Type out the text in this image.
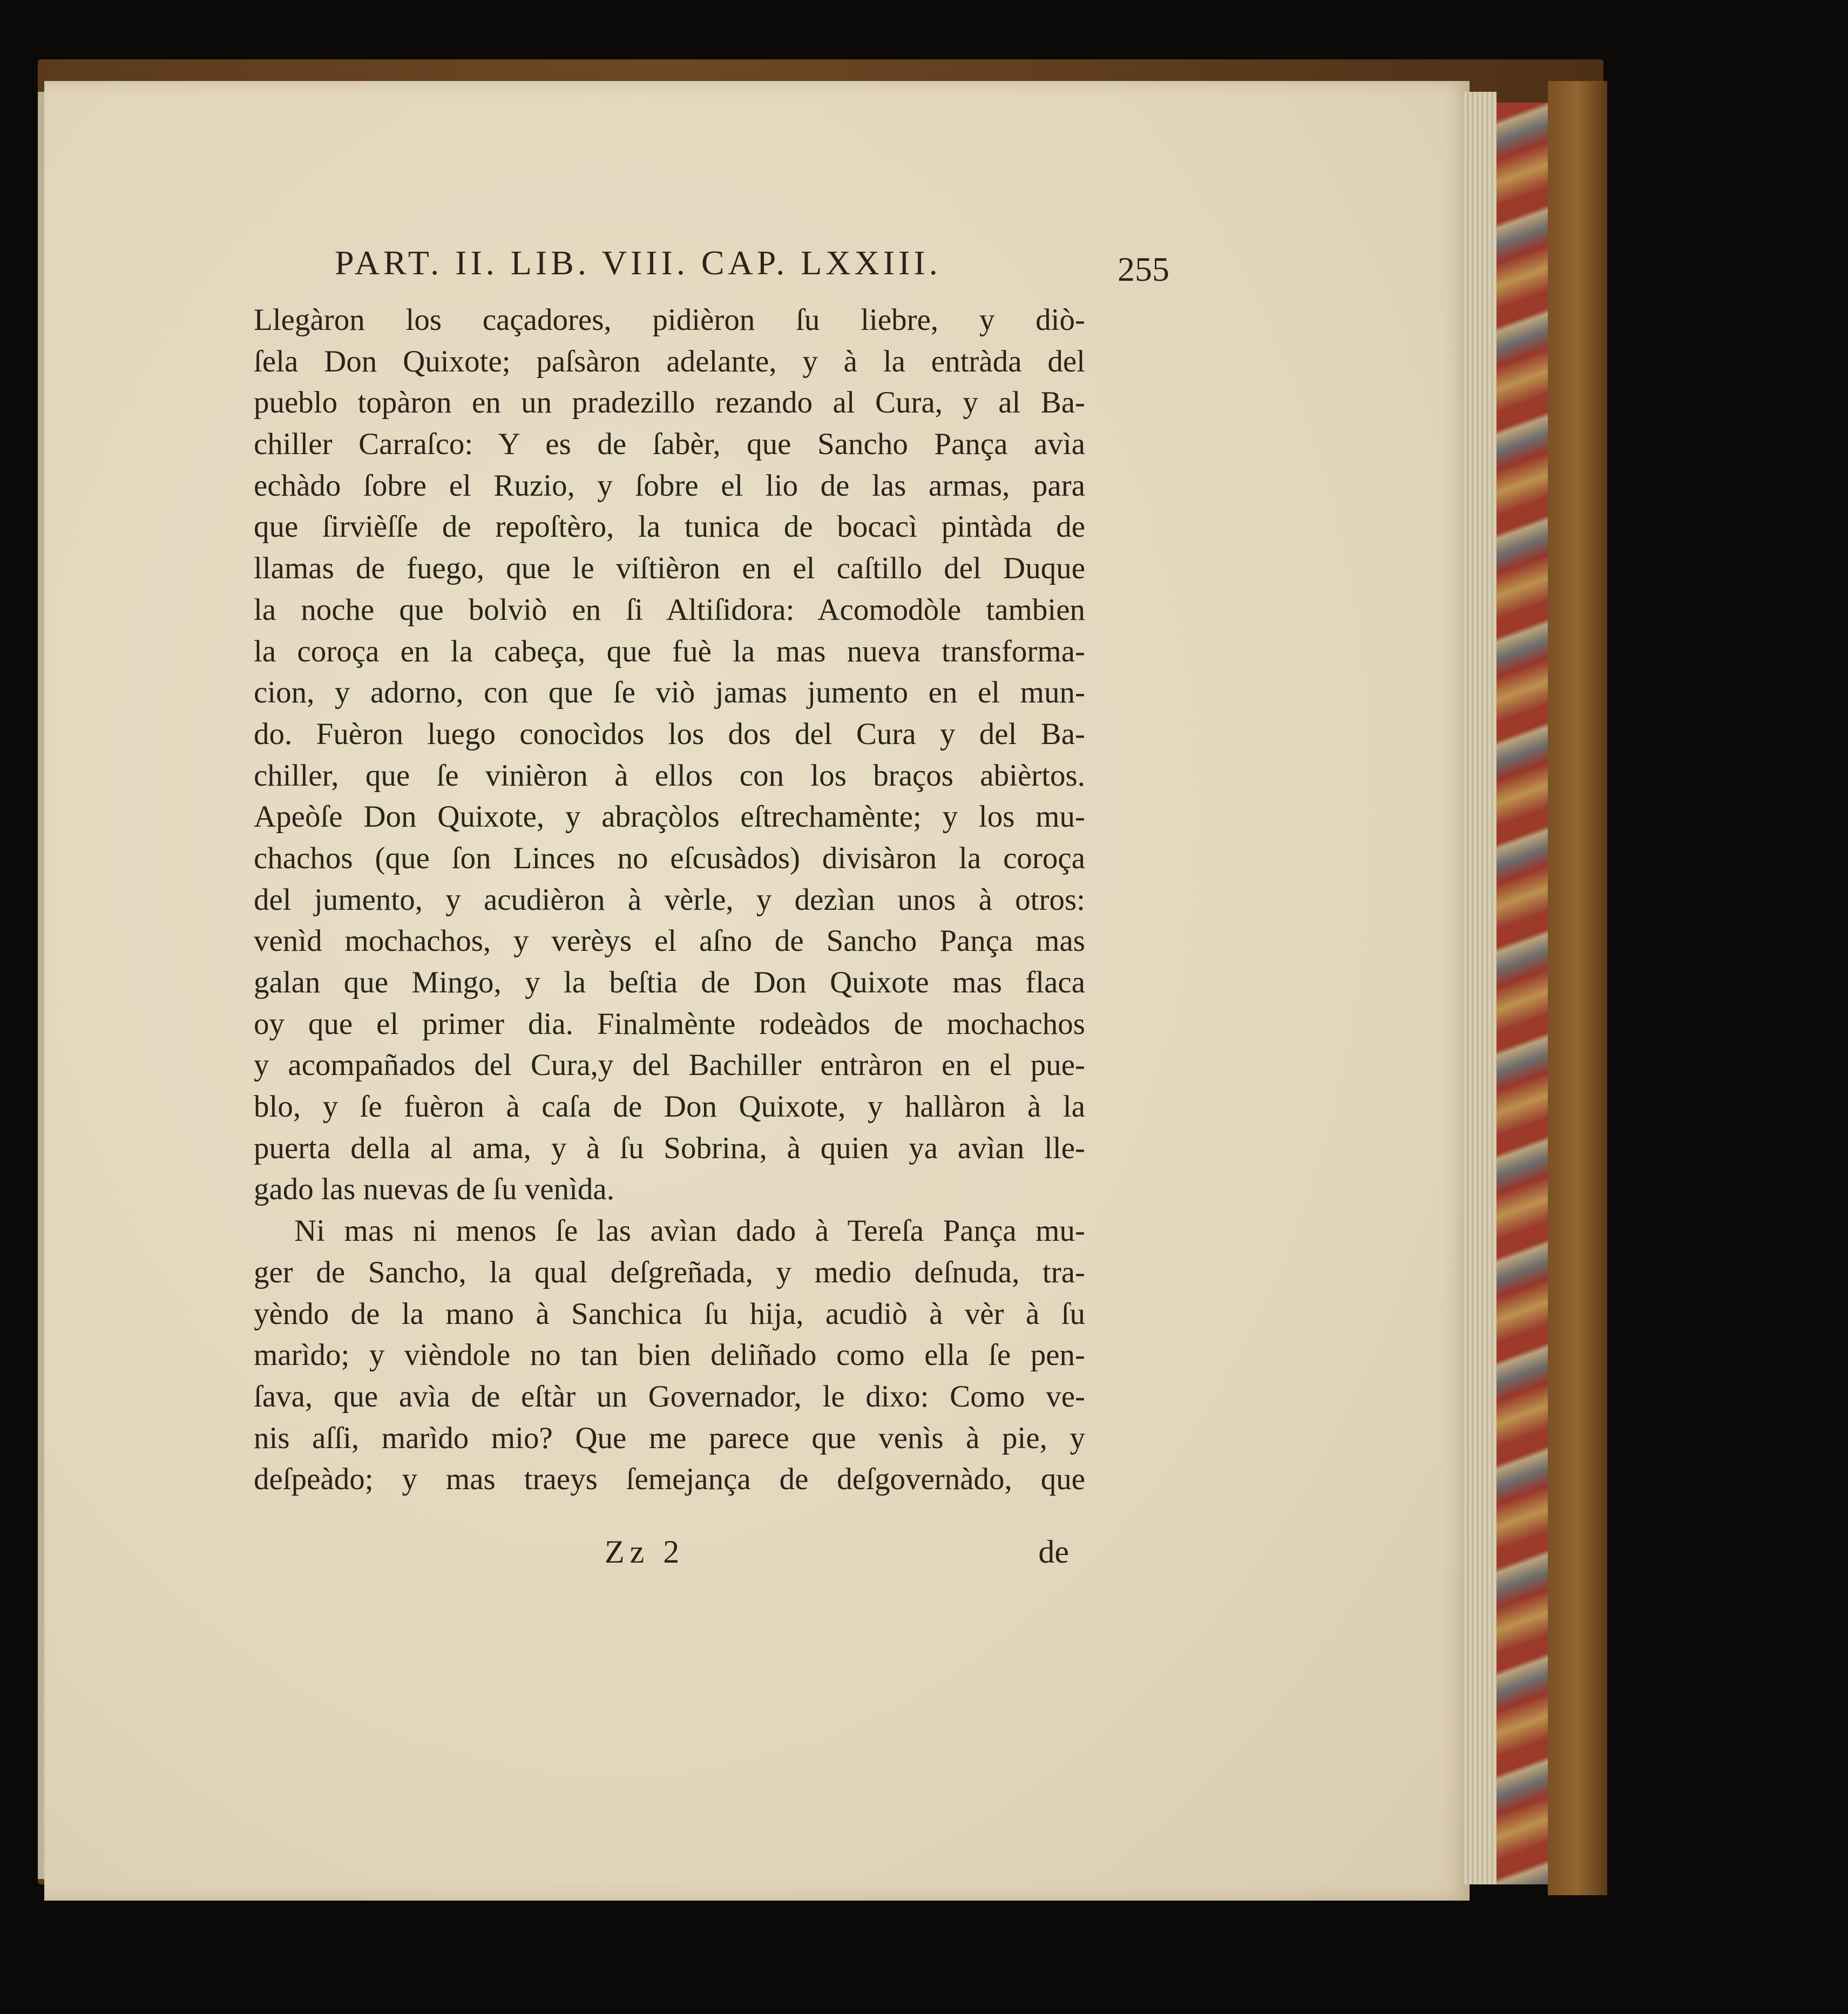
PART. II. LIB. VIII. CAP. LXXIII.	255
Llegàron los caçadores, pidièron ſu liebre, y diò-
ſela Don Quixote; paſsàron adelante, y à la entràda del
pueblo topàron en un pradezillo rezando al Cura, y al Ba-
chiller Carraſco: Y es de ſabèr, que Sancho Pança avìa
echàdo ſobre el Ruzio, y ſobre el lio de las armas, para
que ſirvièſſe de repoſtèro, la tunica de bocacì pintàda de
llamas de fuego, que le viſtièron en el caſtillo del Duque
la noche que bolviò en ſi Altiſidora: Acomodòle tambien
la coroça en la cabeça, que fuè la mas nueva transforma-
cion, y adorno, con que ſe viò jamas jumento en el mun-
do. Fuèron luego conocìdos los dos del Cura y del Ba-
chiller, que ſe vinièron à ellos con los braços abièrtos.
Apeòſe Don Quixote, y abraçòlos eſtrechamènte; y los mu-
chachos (que ſon Linces no eſcusàdos) divisàron la coroça
del jumento, y acudièron à vèrle, y dezìan unos à otros:
venìd mochachos, y verèys el aſno de Sancho Pança mas
galan que Mingo, y la beſtia de Don Quixote mas flaca
oy que el primer dia. Finalmènte rodeàdos de mochachos
y acompañados del Cura,y del Bachiller entràron en el pue-
blo, y ſe fuèron à caſa de Don Quixote, y hallàron à la
puerta della al ama, y à ſu Sobrina, à quien ya avìan lle-
gado las nuevas de ſu venìda.
Ni mas ni menos ſe las avìan dado à Tereſa Pança mu-
ger de Sancho, la qual deſgreñada, y medio deſnuda, tra-
yèndo de la mano à Sanchica ſu hija, acudiò à vèr à ſu
marìdo; y vièndole no tan bien deliñado como ella ſe pen-
ſava, que avìa de eſtàr un Governador, le dixo: Como ve-
nis aſſi, marìdo mio? Que me parece que venìs à pie, y
deſpeàdo; y mas traeys ſemejança de deſgovernàdo, que
Zz 2	de
